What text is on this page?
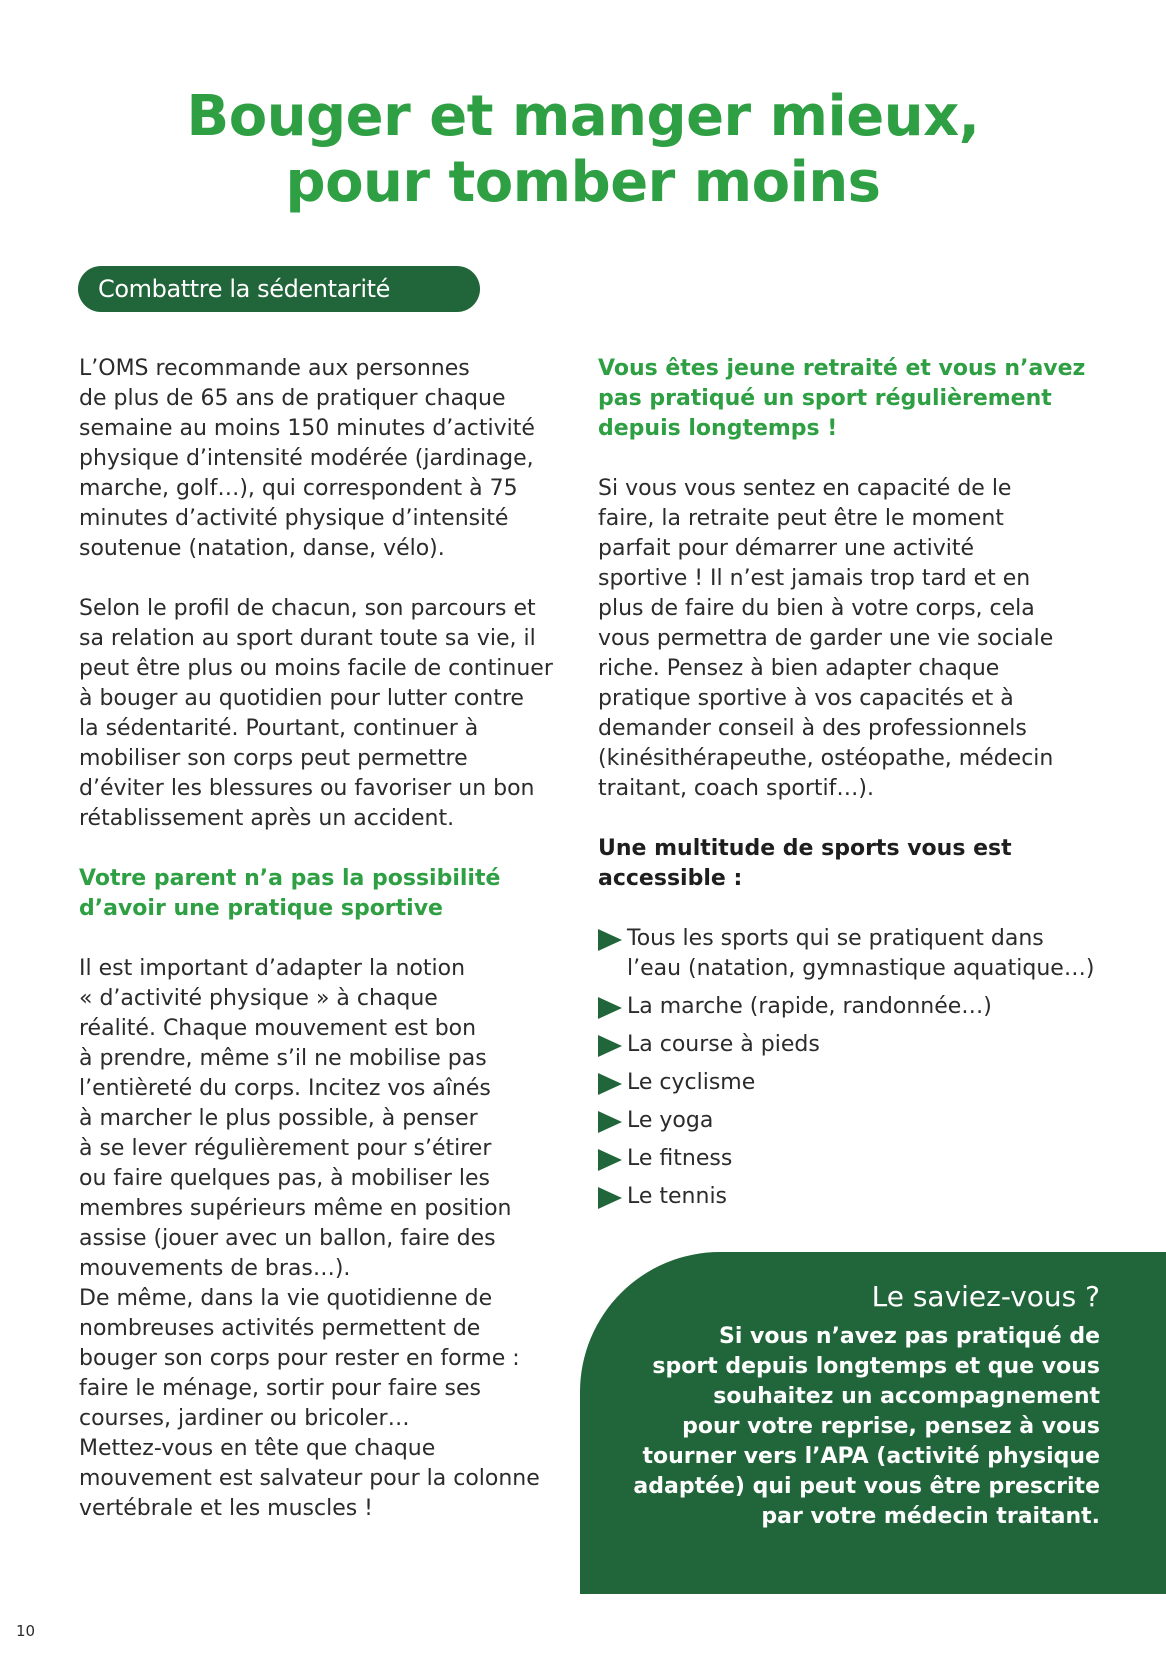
Bouger et manger mieux,
pour tomber moins
Combattre la sédentarité
L’OMS recommande aux personnes
de plus de 65 ans de pratiquer chaque
semaine au moins 150 minutes d’activité
physique d’intensité modérée (jardinage,
marche, golf…), qui correspondent à 75
minutes d’activité physique d’intensité
soutenue (natation, danse, vélo).
Selon le profil de chacun, son parcours et
sa relation au sport durant toute sa vie, il
peut être plus ou moins facile de continuer
à bouger au quotidien pour lutter contre
la sédentarité. Pourtant, continuer à
mobiliser son corps peut permettre
d’éviter les blessures ou favoriser un bon
rétablissement après un accident.
Votre parent n’a pas la possibilité
d’avoir une pratique sportive
Il est important d’adapter la notion
« d’activité physique » à chaque
réalité. Chaque mouvement est bon
à prendre, même s’il ne mobilise pas
l’entièreté du corps. Incitez vos aînés
à marcher le plus possible, à penser
à se lever régulièrement pour s’étirer
ou faire quelques pas, à mobiliser les
membres supérieurs même en position
assise (jouer avec un ballon, faire des
mouvements de bras…).
De même, dans la vie quotidienne de
nombreuses activités permettent de
bouger son corps pour rester en forme :
faire le ménage, sortir pour faire ses
courses, jardiner ou bricoler…
Mettez-vous en tête que chaque
mouvement est salvateur pour la colonne
vertébrale et les muscles !
Vous êtes jeune retraité et vous n’avez
pas pratiqué un sport régulièrement
depuis longtemps !
Si vous vous sentez en capacité de le
faire, la retraite peut être le moment
parfait pour démarrer une activité
sportive ! Il n’est jamais trop tard et en
plus de faire du bien à votre corps, cela
vous permettra de garder une vie sociale
riche. Pensez à bien adapter chaque
pratique sportive à vos capacités et à
demander conseil à des professionnels
(kinésithérapeuthe, ostéopathe, médecin
traitant, coach sportif…).
Une multitude de sports vous est
accessible :
Tous les sports qui se pratiquent dans
l’eau (natation, gymnastique aquatique…)
La marche (rapide, randonnée…)
La course à pieds
Le cyclisme
Le yoga
Le fitness
Le tennis
Le saviez-vous ?
Si vous n’avez pas pratiqué de
sport depuis longtemps et que vous
souhaitez un accompagnement
pour votre reprise, pensez à vous
tourner vers l’APA (activité physique
adaptée) qui peut vous être prescrite
par votre médecin traitant.
10
